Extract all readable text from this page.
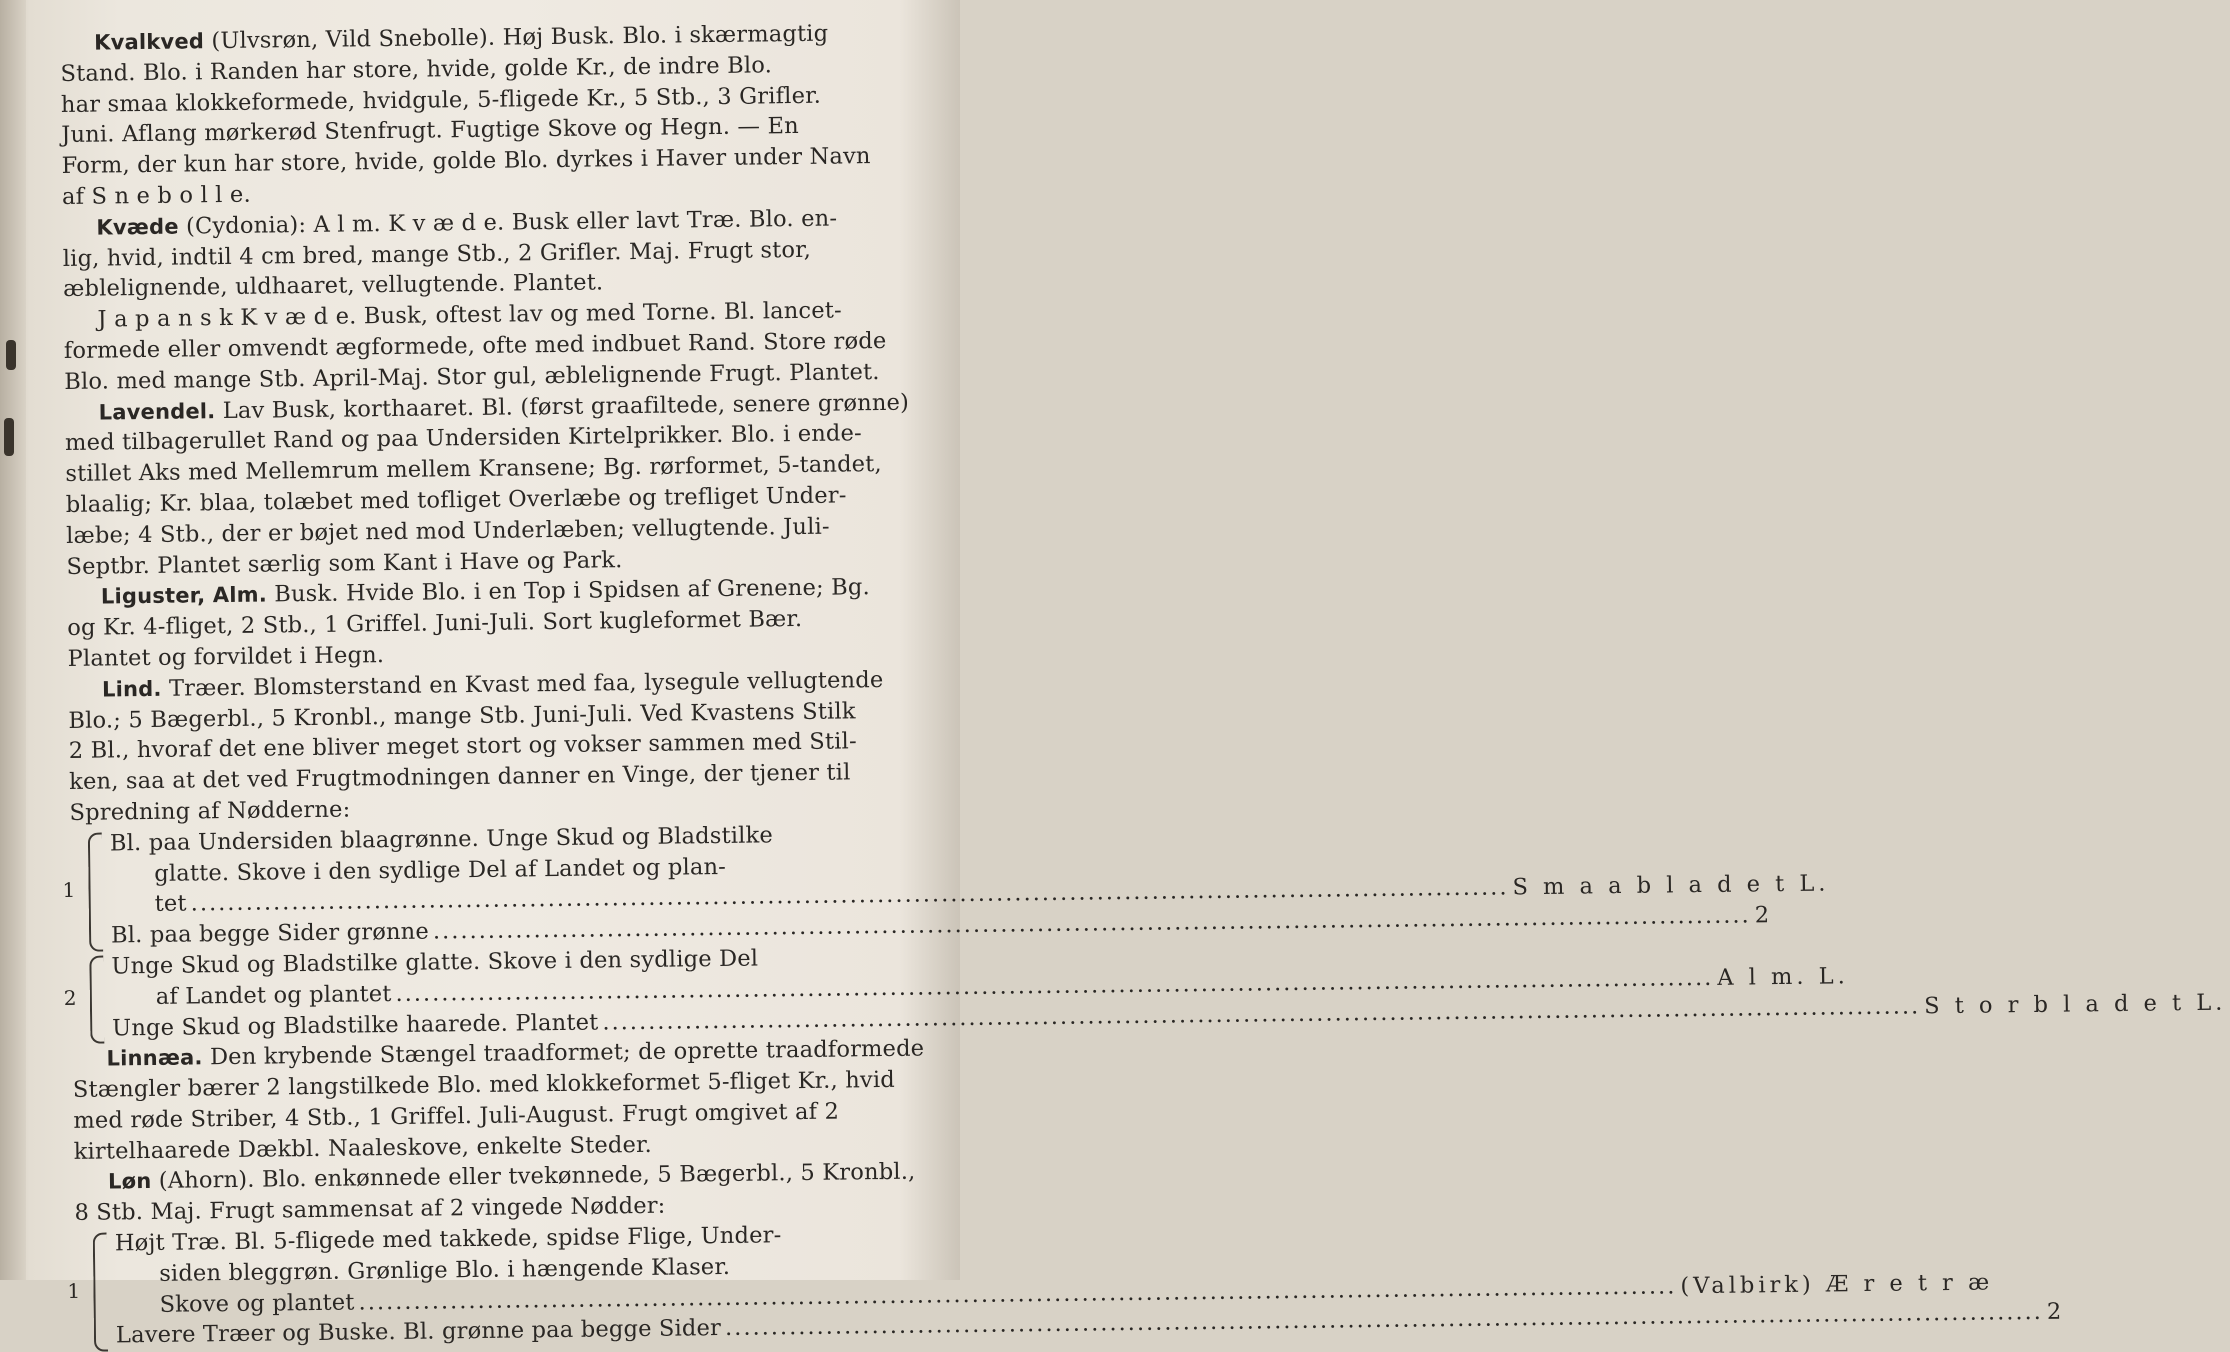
Kvalkved (Ulvsrøn, Vild Snebolle). Høj Busk. Blo. i skærmagtig
Stand. Blo. i Randen har store, hvide, golde Kr., de indre Blo.
har smaa klokkeformede, hvidgule, 5-fligede Kr., 5 Stb., 3 Grifler.
Juni. Aflang mørkerød Stenfrugt. Fugtige Skove og Hegn. — En
Form, der kun har store, hvide, golde Blo. dyrkes i Haver under Navn
af S n e b o l l e.
Kvæde (Cydonia): A l m. K v æ d e. Busk eller lavt Træ. Blo. en-
lig, hvid, indtil 4 cm bred, mange Stb., 2 Grifler. Maj. Frugt stor,
æblelignende, uldhaaret, vellugtende. Plantet.
J a p a n s k K v æ d e. Busk, oftest lav og med Torne. Bl. lancet-
formede eller omvendt ægformede, ofte med indbuet Rand. Store røde
Blo. med mange Stb. April-Maj. Stor gul, æblelignende Frugt. Plantet.
Lavendel. Lav Busk, korthaaret. Bl. (først graafiltede, senere grønne)
med tilbagerullet Rand og paa Undersiden Kirtelprikker. Blo. i ende-
stillet Aks med Mellemrum mellem Kransene; Bg. rørformet, 5-tandet,
blaalig; Kr. blaa, tolæbet med tofliget Overlæbe og trefliget Under-
læbe; 4 Stb., der er bøjet ned mod Underlæben; vellugtende. Juli-
Septbr. Plantet særlig som Kant i Have og Park.
Liguster, Alm. Busk. Hvide Blo. i en Top i Spidsen af Grenene; Bg.
og Kr. 4-fliget, 2 Stb., 1 Griffel. Juni-Juli. Sort kugleformet Bær.
Plantet og forvildet i Hegn.
Lind. Træer. Blomsterstand en Kvast med faa, lysegule vellugtende
Blo.; 5 Bægerbl., 5 Kronbl., mange Stb. Juni-Juli. Ved Kvastens Stilk
2 Bl., hvoraf det ene bliver meget stort og vokser sammen med Stil-
ken, saa at det ved Frugtmodningen danner en Vinge, der tjener til
Spredning af Nødderne:
1
Bl. paa Undersiden blaagrønne. Unge Skud og Bladstilke
glatte. Skove i den sydlige Del af Landet og plan-
tet
.....
S m a a b l a d e t L.
Bl. paa begge Sider grønne
.....
2
2
Unge Skud og Bladstilke glatte. Skove i den sydlige Del
af Landet og plantet
.....
A l m. L.
Unge Skud og Bladstilke haarede. Plantet
.....
S t o r b l a d e t L.
Linnæa. Den krybende Stængel traadformet; de oprette traadformede
Stængler bærer 2 langstilkede Blo. med klokkeformet 5-fliget Kr., hvid
med røde Striber, 4 Stb., 1 Griffel. Juli-August. Frugt omgivet af 2
kirtelhaarede Dækbl. Naaleskove, enkelte Steder.
Løn (Ahorn). Blo. enkønnede eller tvekønnede, 5 Bægerbl., 5 Kronbl.,
8 Stb. Maj. Frugt sammensat af 2 vingede Nødder:
1
Højt Træ. Bl. 5-fligede med takkede, spidse Flige, Under-
siden bleggrøn. Grønlige Blo. i hængende Klaser.
Skove og plantet
.....
(Valbirk) Æ r e t r æ
Lavere Træer og Buske. Bl. grønne paa begge Sider
.....
2
